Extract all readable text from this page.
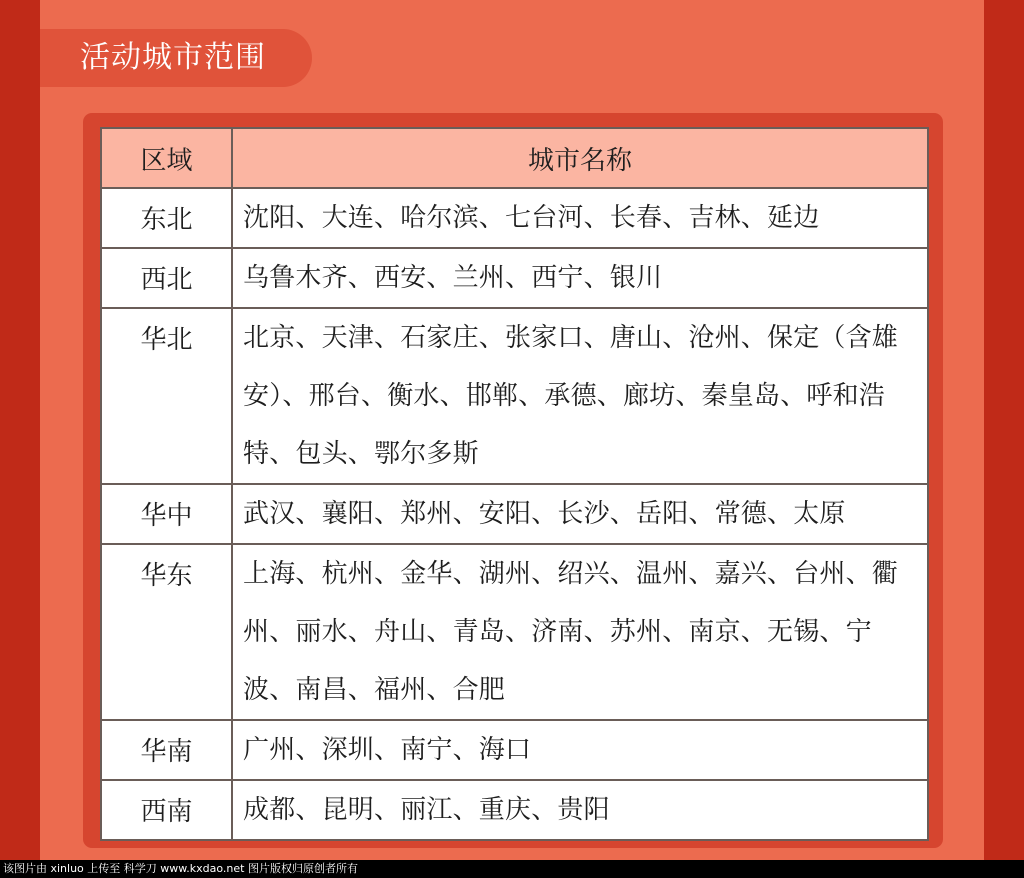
活动城市范围
区域	城市名称
东北	沈阳、大连、哈尔滨、七台河、长春、吉林、延边

西北	乌鲁木齐、西安、兰州、西宁、银川

华北	北京、天津、石家庄、张家口、唐山、沧州、保定（含雄安）、邢台、衡水、邯郸、承德、廊坊、秦皇岛、呼和浩特、包头、鄂尔多斯

华中	武汉、襄阳、郑州、安阳、长沙、岳阳、常德、太原

华东	上海、杭州、金华、湖州、绍兴、温州、嘉兴、台州、衢州、丽水、舟山、青岛、济南、苏州、南京、无锡、宁波、南昌、福州、合肥

华南	广州、深圳、南宁、海口

西南	成都、昆明、丽江、重庆、贵阳
该图片由 xinluo 上传至 科学刀 www.kxdao.net 图片版权归原创者所有
